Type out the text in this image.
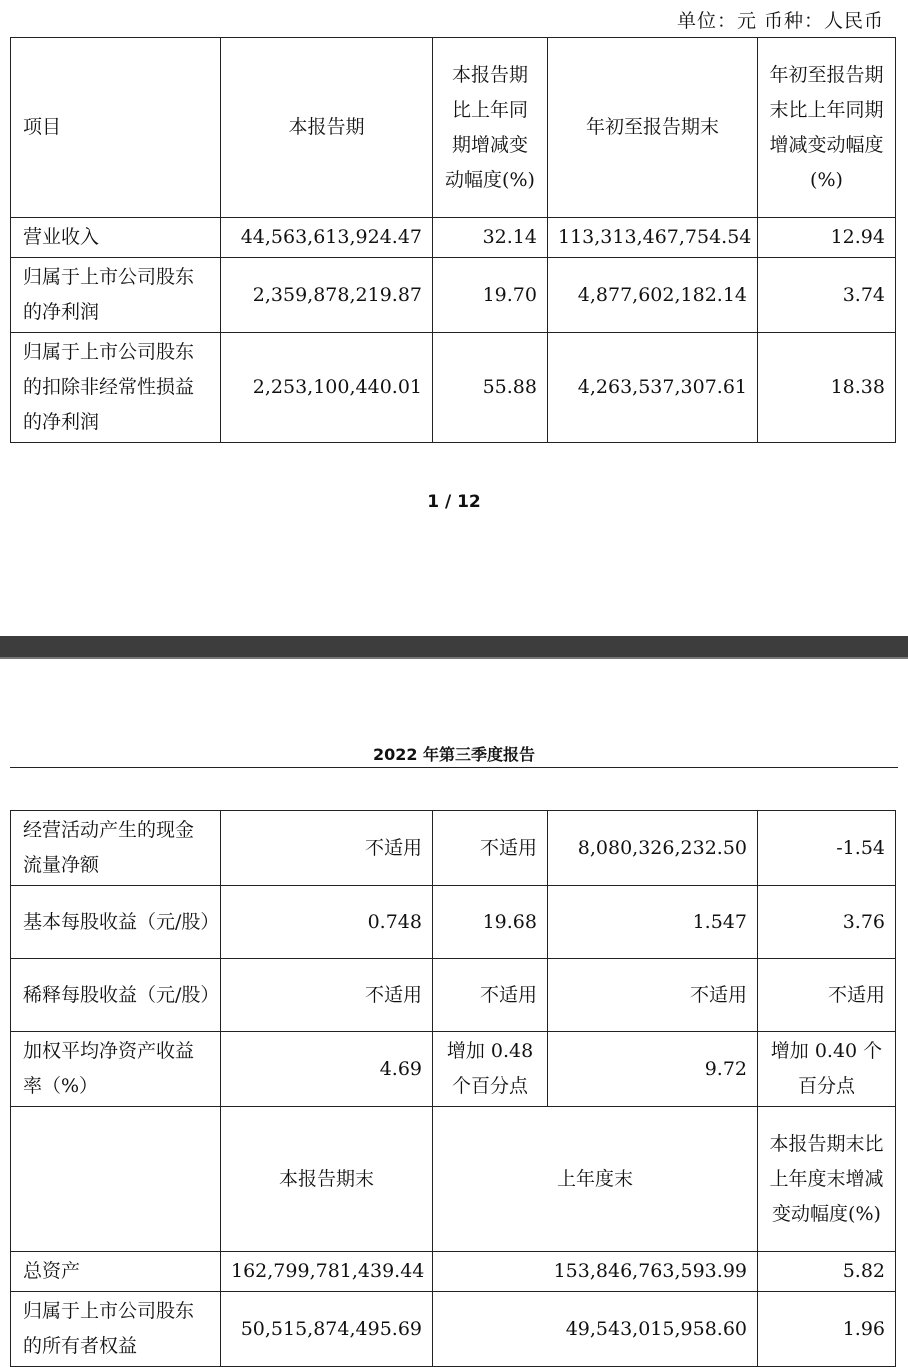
单位：元 币种：人民币
项目	本报告期	本报告期比上年同期增减变动幅度(%)	年初至报告期末	年初至报告期末比上年同期增减变动幅度(%)
营业收入	44,563,613,924.47	32.14	113,313,467,754.54	12.94
归属于上市公司股东的净利润	2,359,878,219.87	19.70	4,877,602,182.14	3.74
归属于上市公司股东的扣除非经常性损益的净利润	2,253,100,440.01	55.88	4,263,537,307.61	18.38
1 / 12
2022 年第三季度报告
经营活动产生的现金流量净额	不适用	不适用	8,080,326,232.50	-1.54
基本每股收益（元/股）	0.748	19.68	1.547	3.76
稀释每股收益（元/股）	不适用	不适用	不适用	不适用
加权平均净资产收益率（%）	4.69	增加 0.48 个百分点	9.72	增加 0.40 个百分点
	本报告期末	上年度末		本报告期末比上年度末增减变动幅度(%)
总资产	162,799,781,439.44	153,846,763,593.99		5.82
归属于上市公司股东的所有者权益	50,515,874,495.69	49,543,015,958.60		1.96
